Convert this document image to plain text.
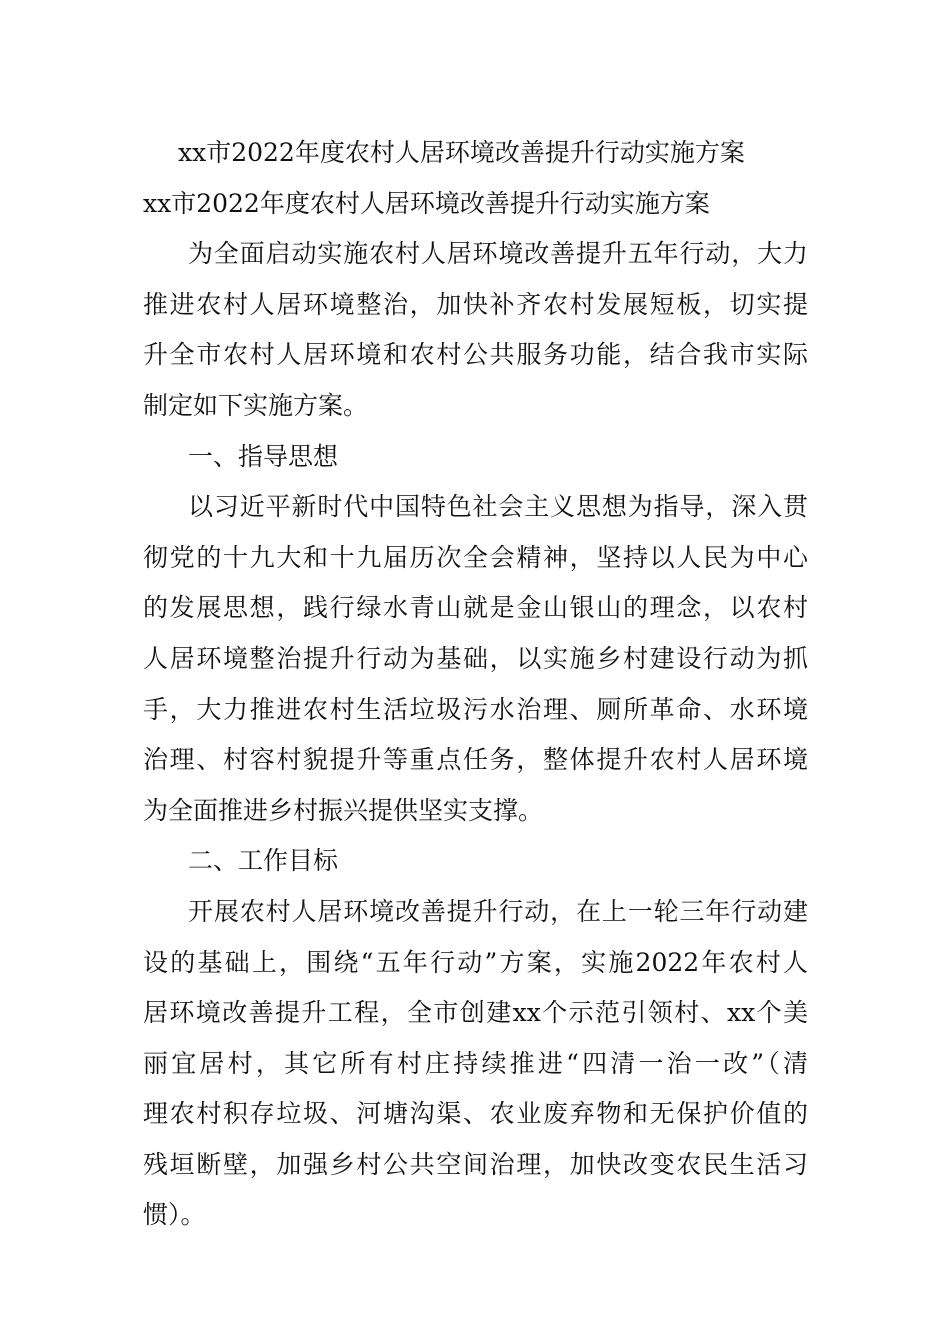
xx市2022年度农村人居环境改善提升行动实施方案
xx市2022年度农村人居环境改善提升行动实施方案
为全面启动实施农村人居环境改善提升五年行动，大力
推进农村人居环境整治，加快补齐农村发展短板，切实提
升全市农村人居环境和农村公共服务功能，结合我市实际
制定如下实施方案。
一、指导思想
以习近平新时代中国特色社会主义思想为指导，深入贯
彻党的十九大和十九届历次全会精神，坚持以人民为中心
的发展思想，践行绿水青山就是金山银山的理念，以农村
人居环境整治提升行动为基础，以实施乡村建设行动为抓
手，大力推进农村生活垃圾污水治理、厕所革命、水环境
治理、村容村貌提升等重点任务，整体提升农村人居环境
为全面推进乡村振兴提供坚实支撑。
二、工作目标
开展农村人居环境改善提升行动，在上一轮三年行动建
设的基础上，围绕“五年行动”方案，实施2022年农村人
居环境改善提升工程，全市创建xx个示范引领村、xx个美
丽宜居村，其它所有村庄持续推进“四清一治一改”（清
理农村积存垃圾、河塘沟渠、农业废弃物和无保护价值的
残垣断壁，加强乡村公共空间治理，加快改变农民生活习
惯）。
